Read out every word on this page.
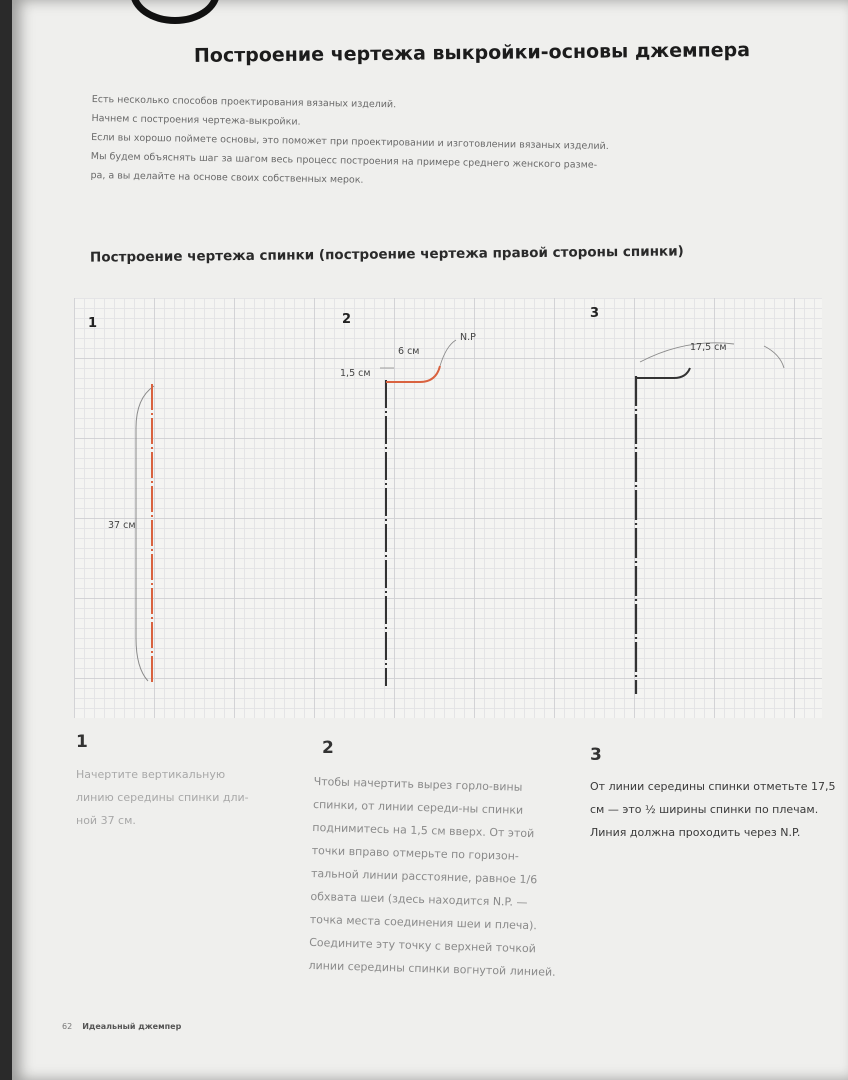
Построение чертежа выкройки-основы джемпера

Есть несколько способов проектирования вязаных изделий.

Начнем с построения чертежа-выкройки.

Если вы хорошо поймете основы, это поможет при проектировании и изготовлении вязаных изделий.

Мы будем объяснять шаг за шагом весь процесс построения на примере среднего женского разме-

ра, а вы делайте на основе своих собственных мерок.

Построение чертежа спинки (построение чертежа правой стороны спинки)
1	2	3
37 см
1,5 см
6 см
N.P
17,5 см
1
Начертите вертикальную линию середины спинки дли-ной 37 см.
2
Чтобы начертить вырез горло-вины спинки, от линии середи-ны спинки поднимитесь на 1,5 см вверх. От этой точки вправо отмерьте по горизон-тальной линии расстояние, равное 1/6 обхвата шеи (здесь находится N.P. — точка места соединения шеи и плеча). Соедините эту точку с верхней точкой линии середины спинки вогнутой линией.
3
От линии середины спинки отметьте 17,5 см — это ½ ширины спинки по плечам. Линия должна проходить через N.P.
62 Идеальный джемпер
